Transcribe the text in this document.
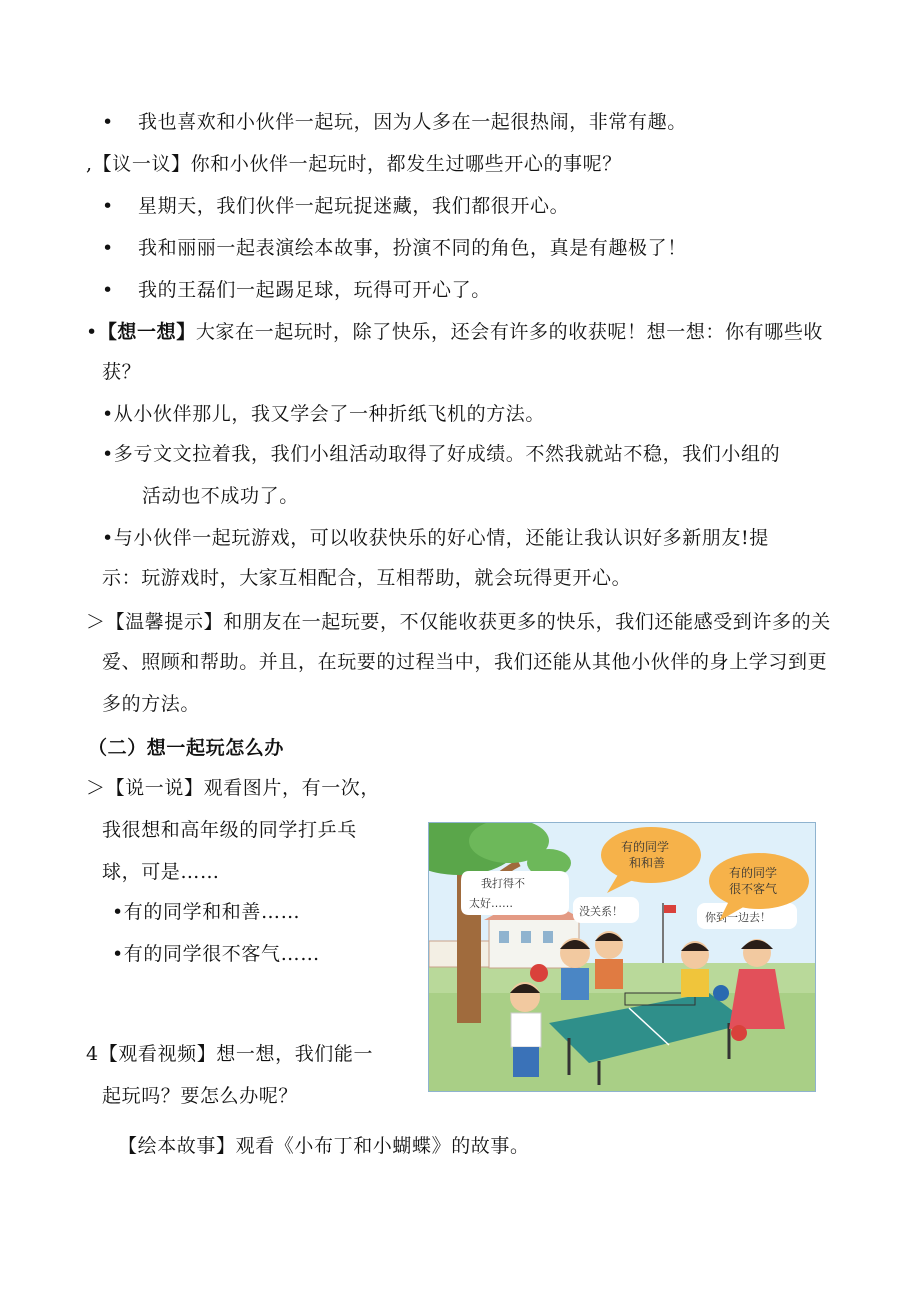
• 我也喜欢和小伙伴一起玩，因为人多在一起很热闹，非常有趣。
,【议一议】你和小伙伴一起玩时，都发生过哪些开心的事呢？
• 星期天，我们伙伴一起玩捉迷藏，我们都很开心。
• 我和丽丽一起表演绘本故事，扮演不同的角色，真是有趣极了！
• 我的王磊们一起踢足球，玩得可开心了。
•【想一想】大家在一起玩时，除了快乐，还会有许多的收获呢！想一想：你有哪些收
获？
•从小伙伴那儿，我又学会了一种折纸飞机的方法。
•多亏文文拉着我，我们小组活动取得了好成绩。不然我就站不稳，我们小组的
活动也不成功了。
•与小伙伴一起玩游戏，可以收获快乐的好心情，还能让我认识好多新朋友!提
示：玩游戏时，大家互相配合，互相帮助，就会玩得更开心。
＞【温馨提示】和朋友在一起玩要，不仅能收获更多的快乐，我们还能感受到许多的关
爱、照顾和帮助。并且，在玩要的过程当中，我们还能从其他小伙伴的身上学习到更
多的方法。
（二）想一起玩怎么办
＞【说一说】观看图片，有一次，
我很想和高年级的同学打乒乓
球，可是……
•有的同学和和善……
•有的同学很不客气……
4【观看视频】想一想，我们能一
起玩吗？要怎么办呢？
【绘本故事】观看《小布丁和小蝴蝶》的故事。
我打得不
太好……
没关系！	你到一边去！
有的同学
和和善
有的同学
很不客气
